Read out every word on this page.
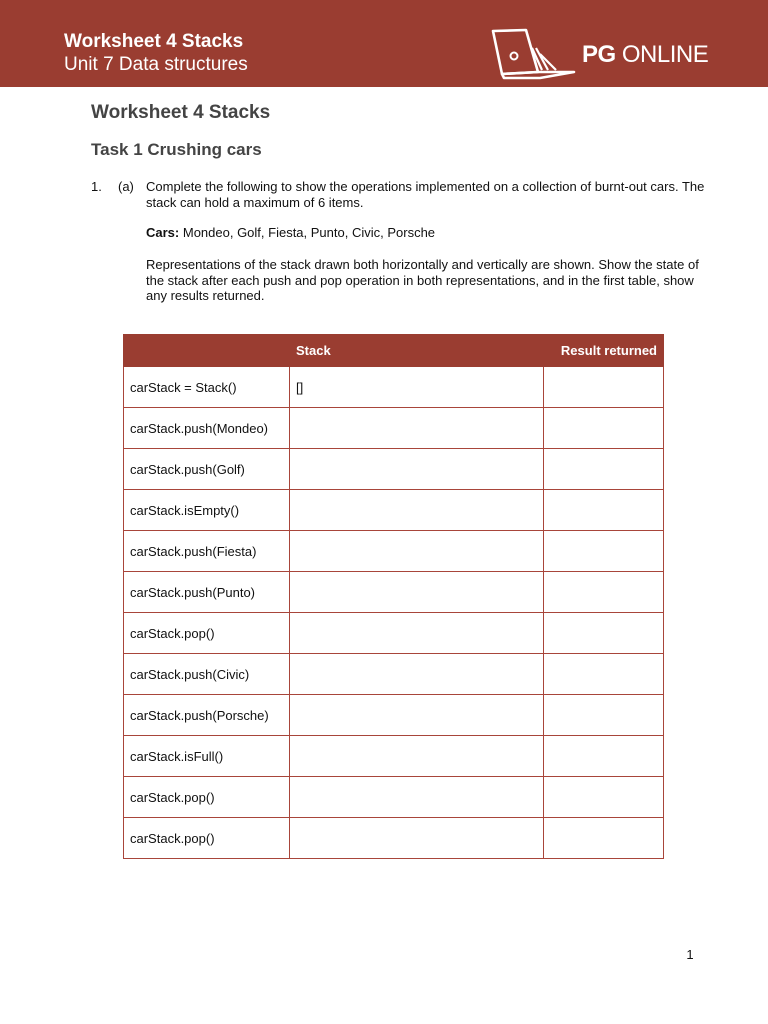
Worksheet 4 Stacks
Unit 7 Data structures	PG ONLINE
Worksheet 4 Stacks
Task 1 Crushing cars
1. (a) Complete the following to show the operations implemented on a collection of burnt-out cars. The stack can hold a maximum of 6 items.
Cars: Mondeo, Golf, Fiesta, Punto, Civic, Porsche
Representations of the stack drawn both horizontally and vertically are shown. Show the state of the stack after each push and pop operation in both representations, and in the first table, show any results returned.
	Stack	Result returned
carStack = Stack()	[]	
carStack.push(Mondeo)		
carStack.push(Golf)		
carStack.isEmpty()		
carStack.push(Fiesta)		
carStack.push(Punto)		
carStack.pop()		
carStack.push(Civic)		
carStack.push(Porsche)		
carStack.isFull()		
carStack.pop()		
carStack.pop()		
1
